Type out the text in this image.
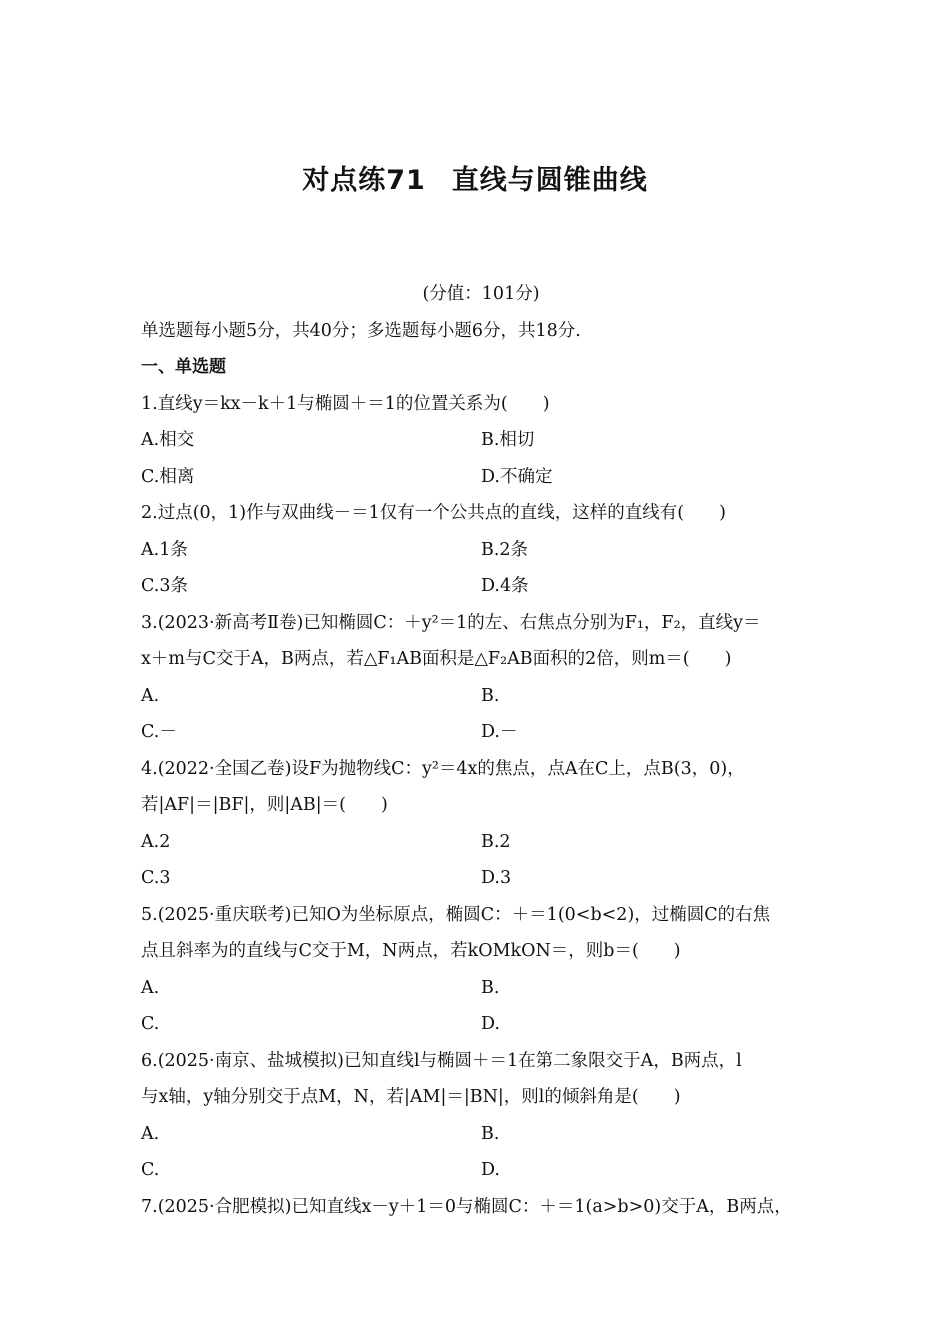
对点练71 直线与圆锥曲线
(分值：101分)
单选题每小题5分，共40分；多选题每小题6分，共18分.
一、单选题
1.直线y＝kx－k＋1与椭圆＋＝1的位置关系为(　　)
A.相交	B.相切
C.相离	D.不确定
2.过点(0，1)作与双曲线－＝1仅有一个公共点的直线，这样的直线有(　　)
A.1条	B.2条
C.3条	D.4条
3.(2023·新高考Ⅱ卷)已知椭圆C：＋y²＝1的左、右焦点分别为F₁，F₂，直线y＝
x＋m与C交于A，B两点，若△F₁AB面积是△F₂AB面积的2倍，则m＝(　　)
A.	B.
C.－	D.－
4.(2022·全国乙卷)设F为抛物线C：y²＝4x的焦点，点A在C上，点B(3，0)，
若|AF|＝|BF|，则|AB|＝(　　)
A.2	B.2
C.3	D.3
5.(2025·重庆联考)已知O为坐标原点，椭圆C：＋＝1(0<b<2)，过椭圆C的右焦
点且斜率为的直线与C交于M，N两点，若kOMkON＝，则b＝(　　)
A.	B.
C.	D.
6.(2025·南京、盐城模拟)已知直线l与椭圆＋＝1在第二象限交于A，B两点，l
与x轴，y轴分别交于点M，N，若|AM|＝|BN|，则l的倾斜角是(　　)
A.	B.
C.	D.
7.(2025·合肥模拟)已知直线x－y＋1＝0与椭圆C：＋＝1(a>b>0)交于A，B两点，
